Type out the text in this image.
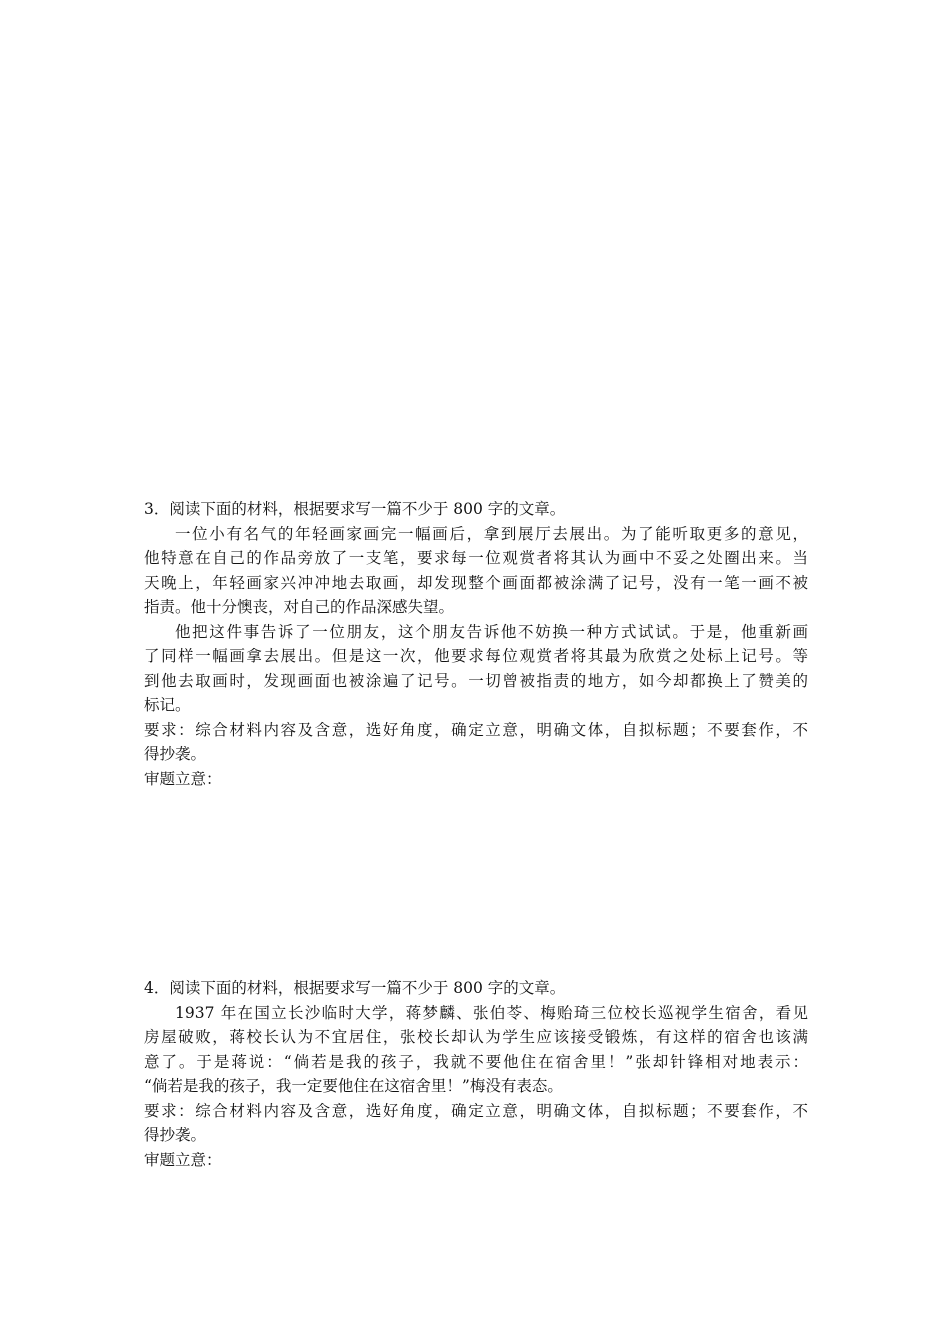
3．阅读下面的材料，根据要求写一篇不少于 800 字的文章。
一位小有名气的年轻画家画完一幅画后，拿到展厅去展出。为了能听取更多的意见，
他特意在自己的作品旁放了一支笔，要求每一位观赏者将其认为画中不妥之处圈出来。当
天晚上，年轻画家兴冲冲地去取画，却发现整个画面都被涂满了记号，没有一笔一画不被
指责。他十分懊丧，对自己的作品深感失望。
他把这件事告诉了一位朋友，这个朋友告诉他不妨换一种方式试试。于是，他重新画
了同样一幅画拿去展出。但是这一次，他要求每位观赏者将其最为欣赏之处标上记号。等
到他去取画时，发现画面也被涂遍了记号。一切曾被指责的地方，如今却都换上了赞美的
标记。
要求：综合材料内容及含意，选好角度，确定立意，明确文体，自拟标题；不要套作，不
得抄袭。
审题立意：
4．阅读下面的材料，根据要求写一篇不少于 800 字的文章。
1937 年在国立长沙临时大学，蒋梦麟、张伯苓、梅贻琦三位校长巡视学生宿舍，看见
房屋破败，蒋校长认为不宜居住，张校长却认为学生应该接受锻炼，有这样的宿舍也该满
意了。于是蒋说：“倘若是我的孩子，我就不要他住在宿舍里！”张却针锋相对地表示：
“倘若是我的孩子，我一定要他住在这宿舍里！”梅没有表态。
要求：综合材料内容及含意，选好角度，确定立意，明确文体，自拟标题；不要套作，不
得抄袭。
审题立意：
